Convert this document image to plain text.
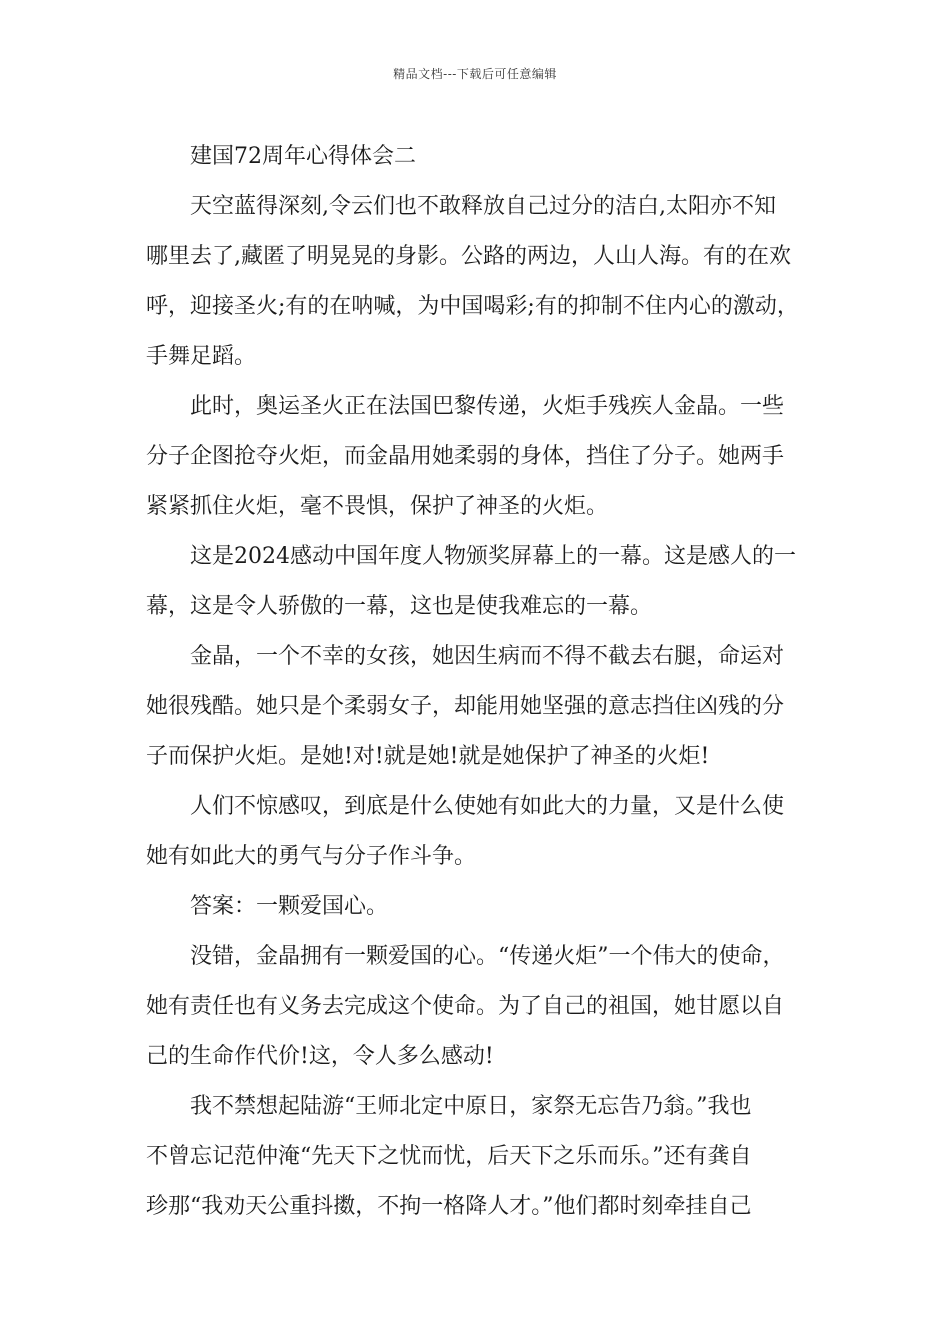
精品文档---下载后可任意编辑
建国72周年心得体会二
天空蓝得深刻,令云们也不敢释放自己过分的洁白,太阳亦不知
哪里去了,藏匿了明晃晃的身影。公路的两边，人山人海。有的在欢
呼，迎接圣火;有的在呐喊，为中国喝彩;有的抑制不住内心的激动，
手舞足蹈。
此时，奥运圣火正在法国巴黎传递，火炬手残疾人金晶。一些
分子企图抢夺火炬，而金晶用她柔弱的身体，挡住了分子。她两手
紧紧抓住火炬，毫不畏惧，保护了神圣的火炬。
这是2024感动中国年度人物颁奖屏幕上的一幕。这是感人的一
幕，这是令人骄傲的一幕，这也是使我难忘的一幕。
金晶，一个不幸的女孩，她因生病而不得不截去右腿，命运对
她很残酷。她只是个柔弱女子，却能用她坚强的意志挡住凶残的分
子而保护火炬。是她!对!就是她!就是她保护了神圣的火炬!
人们不惊感叹，到底是什么使她有如此大的力量，又是什么使
她有如此大的勇气与分子作斗争。
答案：一颗爱国心。
没错，金晶拥有一颗爱国的心。“传递火炬”一个伟大的使命，
她有责任也有义务去完成这个使命。为了自己的祖国，她甘愿以自
己的生命作代价!这，令人多么感动!
我不禁想起陆游“王师北定中原日，家祭无忘告乃翁。”我也
不曾忘记范仲淹“先天下之忧而忧，后天下之乐而乐。”还有龚自
珍那“我劝天公重抖擞，不拘一格降人才。”他们都时刻牵挂自己
